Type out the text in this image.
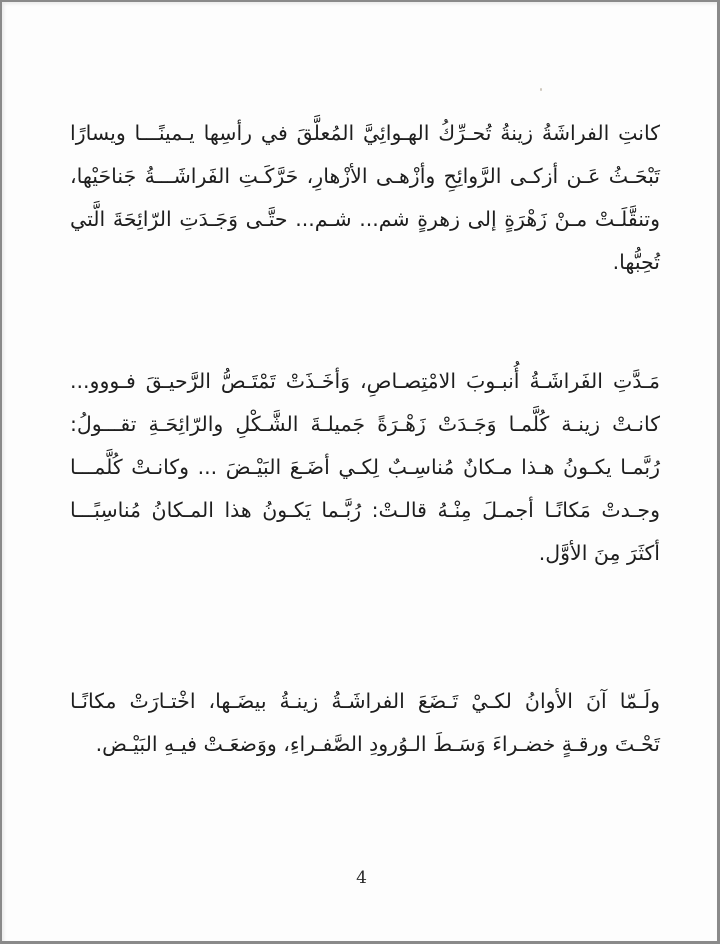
كانتِ الفراشَةُ زينةُ تُحـرِّكُ الهـوائِيَّ المُعلَّقَ في رأسِها يـمينًـــا ويسارًا
تَبْحَـثُ عَـن أزكـى الرَّوائِحِ وأزْهـى الأزْهارِ، حَرَّكَـتِ الفَراشَـــةُ جَناحَيْها،
وتنقَّلَـتْ مـنْ زَهْرَةٍ إلى زهرةٍ شم... شـم... حتَّـى وَجَـدَتِ الرّائِحَةَ الَّتي
تُحِبُّها.
مَـدَّتِ الفَراشَـةُ أُنبـوبَ الامْتِصـاصِ، وَأخَـذَتْ تَمْتَـصُّ الرَّحيـقَ فـووو...
كانـتْ زينـة كُلَّمـا وَجَـدَتْ زَهْـرَةً جَميلـةَ الشَّـكْلِ والرّائِحَـةِ تقـــولُ:
رُبَّمـا يكـونُ هـذا مـكانٌ مُناسِـبٌ لِكـي أضَـعَ البَيْـضَ ... وكانـتْ كُلَّمـــا
وجـدتْ مَكانًـا أجمـلَ مِنْـهُ قالـتْ: رُبَّـما يَكـونُ هذا المـكانُ مُناسِبًـــا
أكثَرَ مِنَ الأوَّل.
ولَـمّا آنَ الأوانُ لكـيْ تَـضَعَ الفراشَـةُ زينـةُ بيضَـها، اخْتـارَتْ مكانًـا
تَحْـتَ ورقـةٍ خضـراءَ وَسَـطَ الـوُرودِ الصَّفـراءِ، ووَضعَـتْ فيـهِ البَيْـض.
4
